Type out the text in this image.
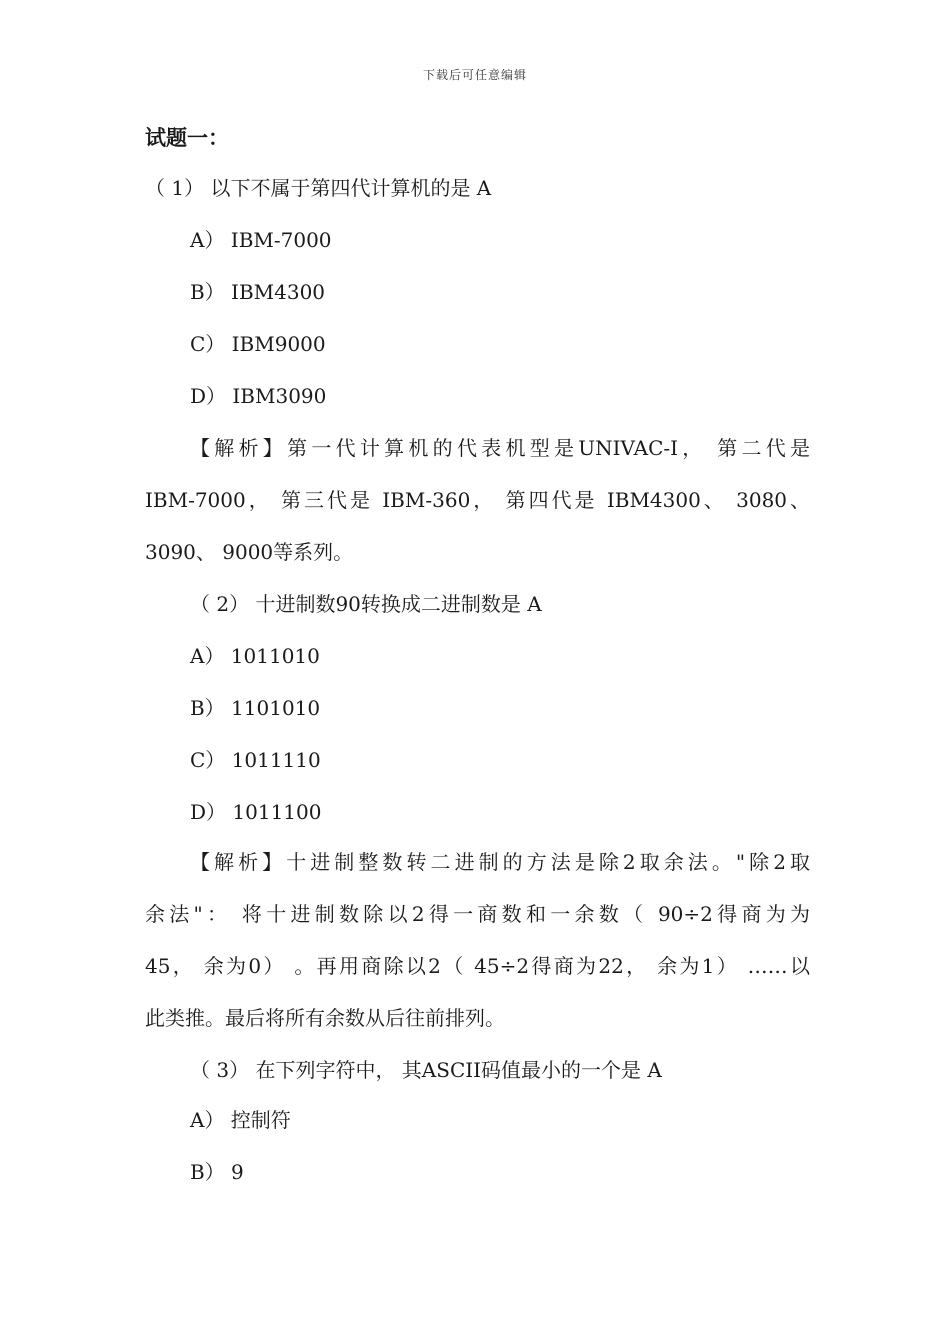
下载后可任意编辑
试题一：
（ 1） 以下不属于第四代计算机的是 A
A） IBM-7000
B） IBM4300
C） IBM9000
D） IBM3090
【解析】第一代计算机的代表机型是UNIVAC-I， 第二代是
IBM-7000， 第三代是 IBM-360， 第四代是 IBM4300、 3080、
3090、 9000等系列。
（ 2） 十进制数90转换成二进制数是 A
A） 1011010
B） 1101010
C） 1011110
D） 1011100
【解析】十进制整数转二进制的方法是除2取余法。"除2取
余法"： 将十进制数除以2得一商数和一余数（ 90÷2得商为为
45， 余为0） 。再用商除以2（ 45÷2得商为22， 余为1） ……以
此类推。最后将所有余数从后往前排列。
（ 3） 在下列字符中， 其ASCII码值最小的一个是 A
A） 控制符
B） 9
